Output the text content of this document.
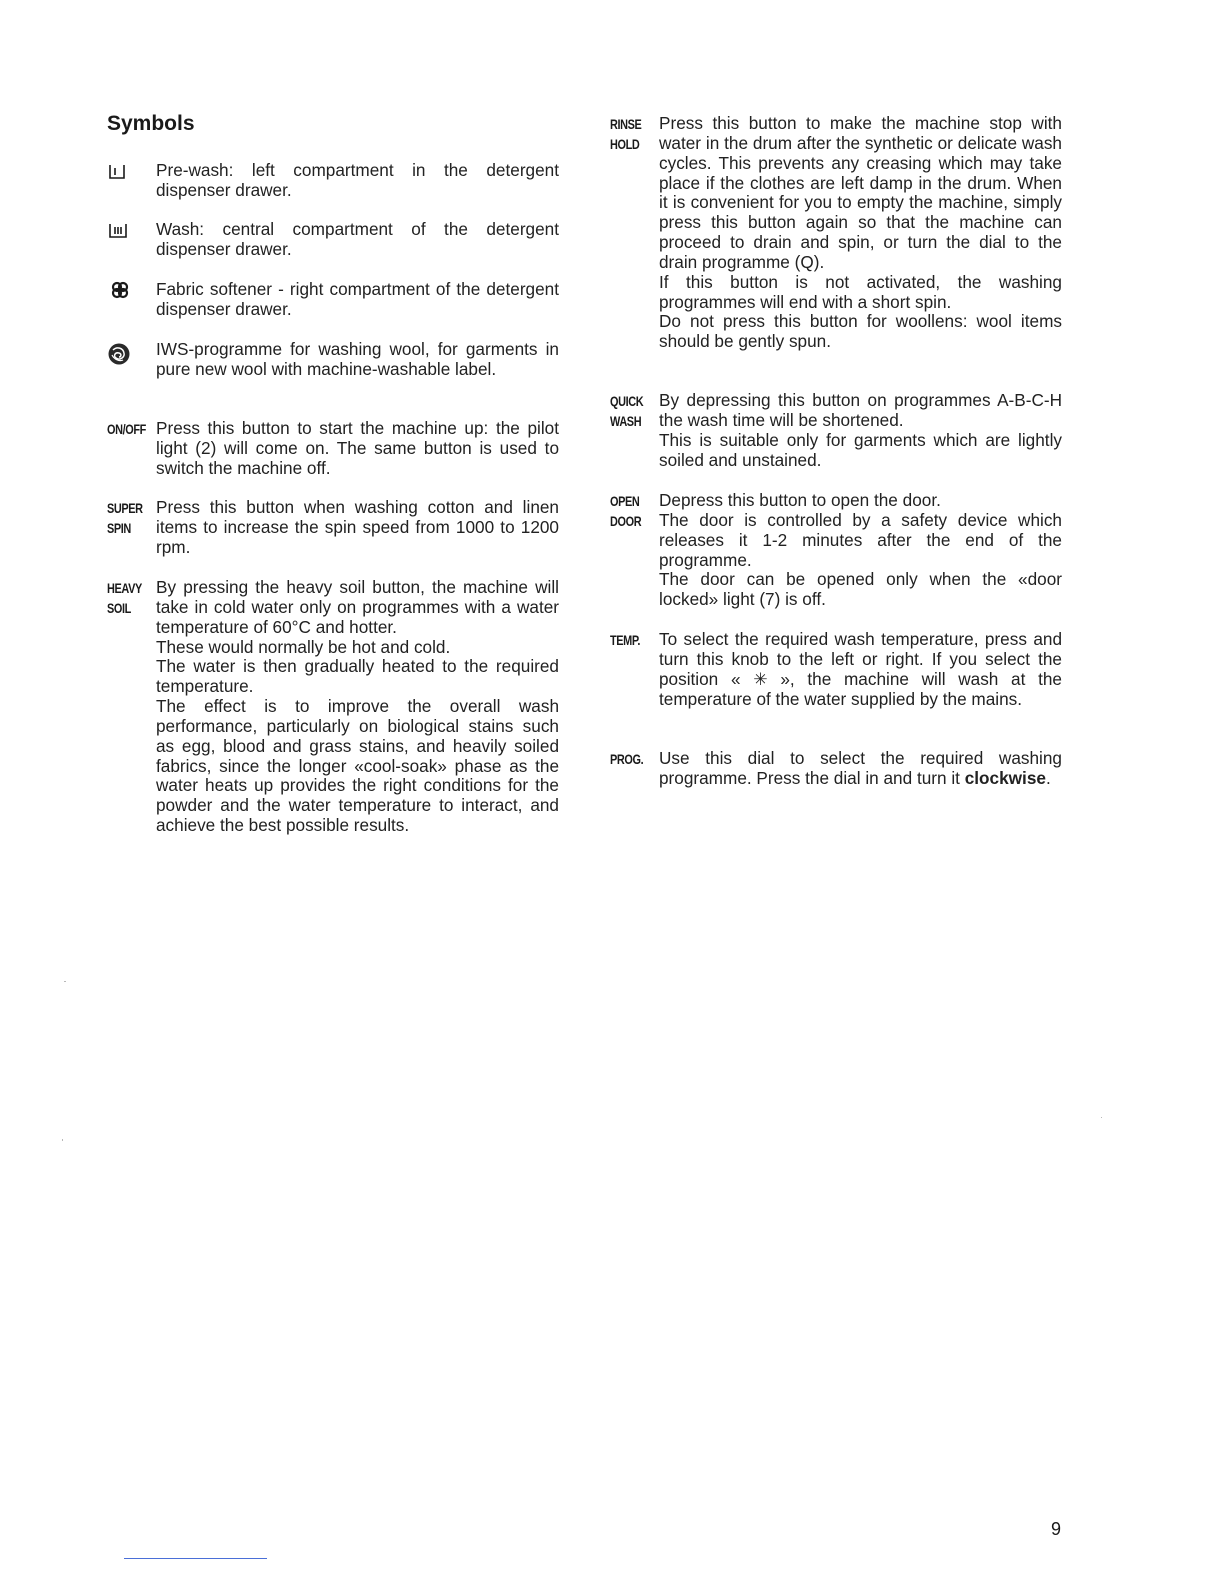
Symbols
Pre-wash: left compartment in the detergent dispenser drawer.
Wash: central compartment of the detergent dispenser drawer.
Fabric softener - right compartment of the detergent dispenser drawer.
IWS-programme for washing wool, for garments in pure new wool with machine-washable label.
ON/OFF Press this button to start the machine up: the pilot light (2) will come on. The same button is used to switch the machine off.

SUPER
SPIN

Press this button when washing cotton and linen items to increase the spin speed from 1000 to 1200 rpm.

HEAVY
SOIL

By pressing the heavy soil button, the machine will take in cold water only on programmes with a water temperature of 60°C and hotter.

These would normally be hot and cold.

The water is then gradually heated to the required temperature.

The effect is to improve the overall wash performance, particularly on biological stains such as egg, blood and grass stains, and heavily soiled fabrics, since the longer «cool-soak» phase as the water heats up provides the right conditions for the powder and the water temperature to interact, and achieve the best possible results.

RINSE
HOLD

Press this button to make the machine stop with water in the drum after the synthetic or delicate wash cycles. This prevents any creasing which may take place if the clothes are left damp in the drum. When it is convenient for you to empty the machine, simply press this button again so that the machine can proceed to drain and spin, or turn the dial to the drain programme (Q).

If this button is not activated, the washing programmes will end with a short spin.

Do not press this button for woollens: wool items should be gently spun.

QUICK
WASH

By depressing this button on programmes A-B-C-H the wash time will be shortened.

This is suitable only for garments which are lightly soiled and unstained.

OPEN
DOOR

Depress this button to open the door.

The door is controlled by a safety device which releases it 1-2 minutes after the end of the programme.

The door can be opened only when the «door locked» light (7) is off.

TEMP.	To select the required wash temperature, press and turn this knob to the left or right. If you select the position « ✳ », the machine will wash at the temperature of the water supplied by the mains.

PROG. Use this dial to select the required washing programme. Press the dial in and turn it clockwise.

9
